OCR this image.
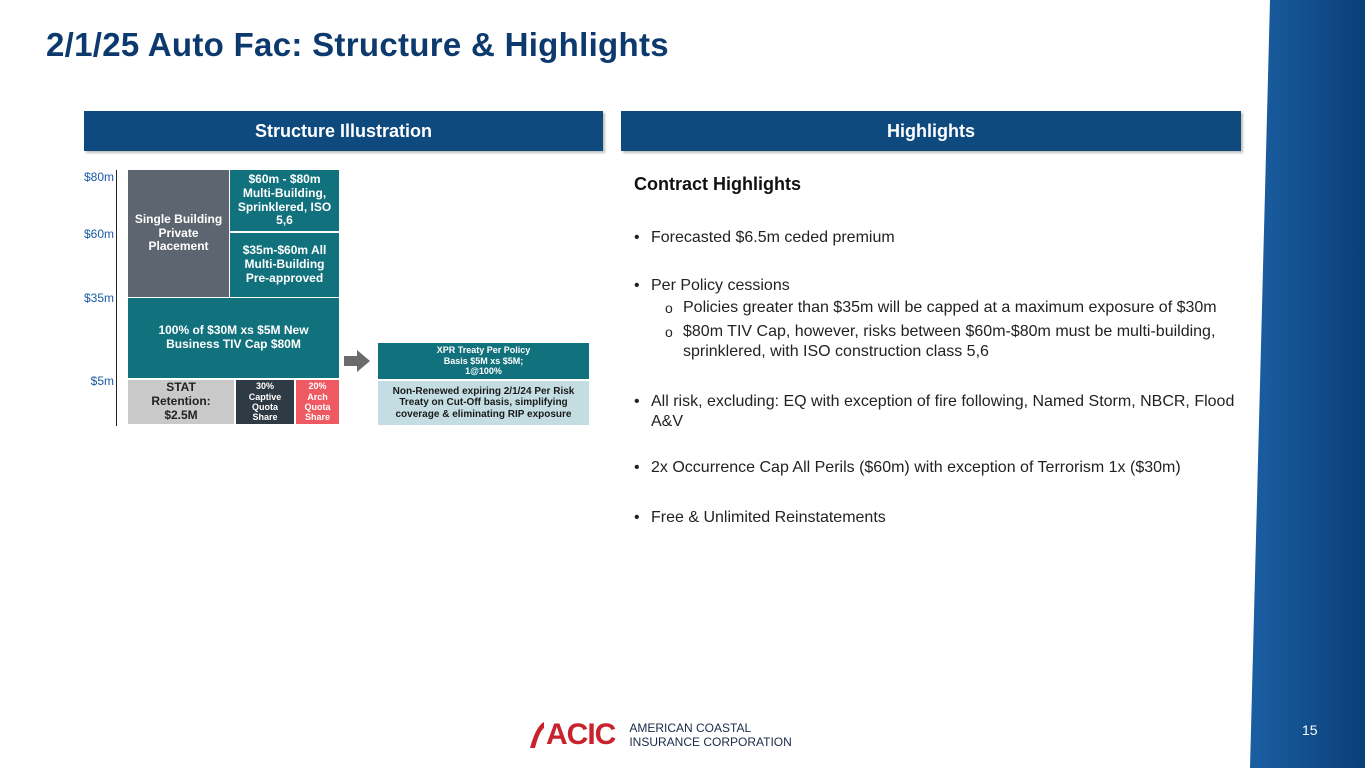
2/1/25 Auto Fac: Structure & Highlights
Structure Illustration	Highlights
$80m
$60m
$35m
$5m
Single Building Private Placement
$60m - $80m Multi-Building, Sprinklered, ISO 5,6
$35m-$60m All Multi-Building Pre-approved
100% of $30M xs $5M New Business TIV Cap $80M
STAT Retention: $2.5M
30% Captive Quota Share
20% Arch Quota Share
XPR Treaty Per Policy Basis $5M xs $5M; 1@100%
Non-Renewed expiring 2/1/24 Per Risk Treaty on Cut-Off basis, simplifying coverage & eliminating RIP exposure
Contract Highlights
• Forecasted $6.5m ceded premium
• Per Policy cessions
o Policies greater than $35m will be capped at a maximum exposure of $30m
o $80m TIV Cap, however, risks between $60m-$80m must be multi-building, sprinklered, with ISO construction class 5,6
• All risk, excluding: EQ with exception of fire following, Named Storm, NBCR, Flood A&V
• 2x Occurrence Cap All Perils ($60m) with exception of Terrorism 1x ($30m)
• Free & Unlimited Reinstatements
ACIC AMERICAN COASTAL
INSURANCE CORPORATION
15
